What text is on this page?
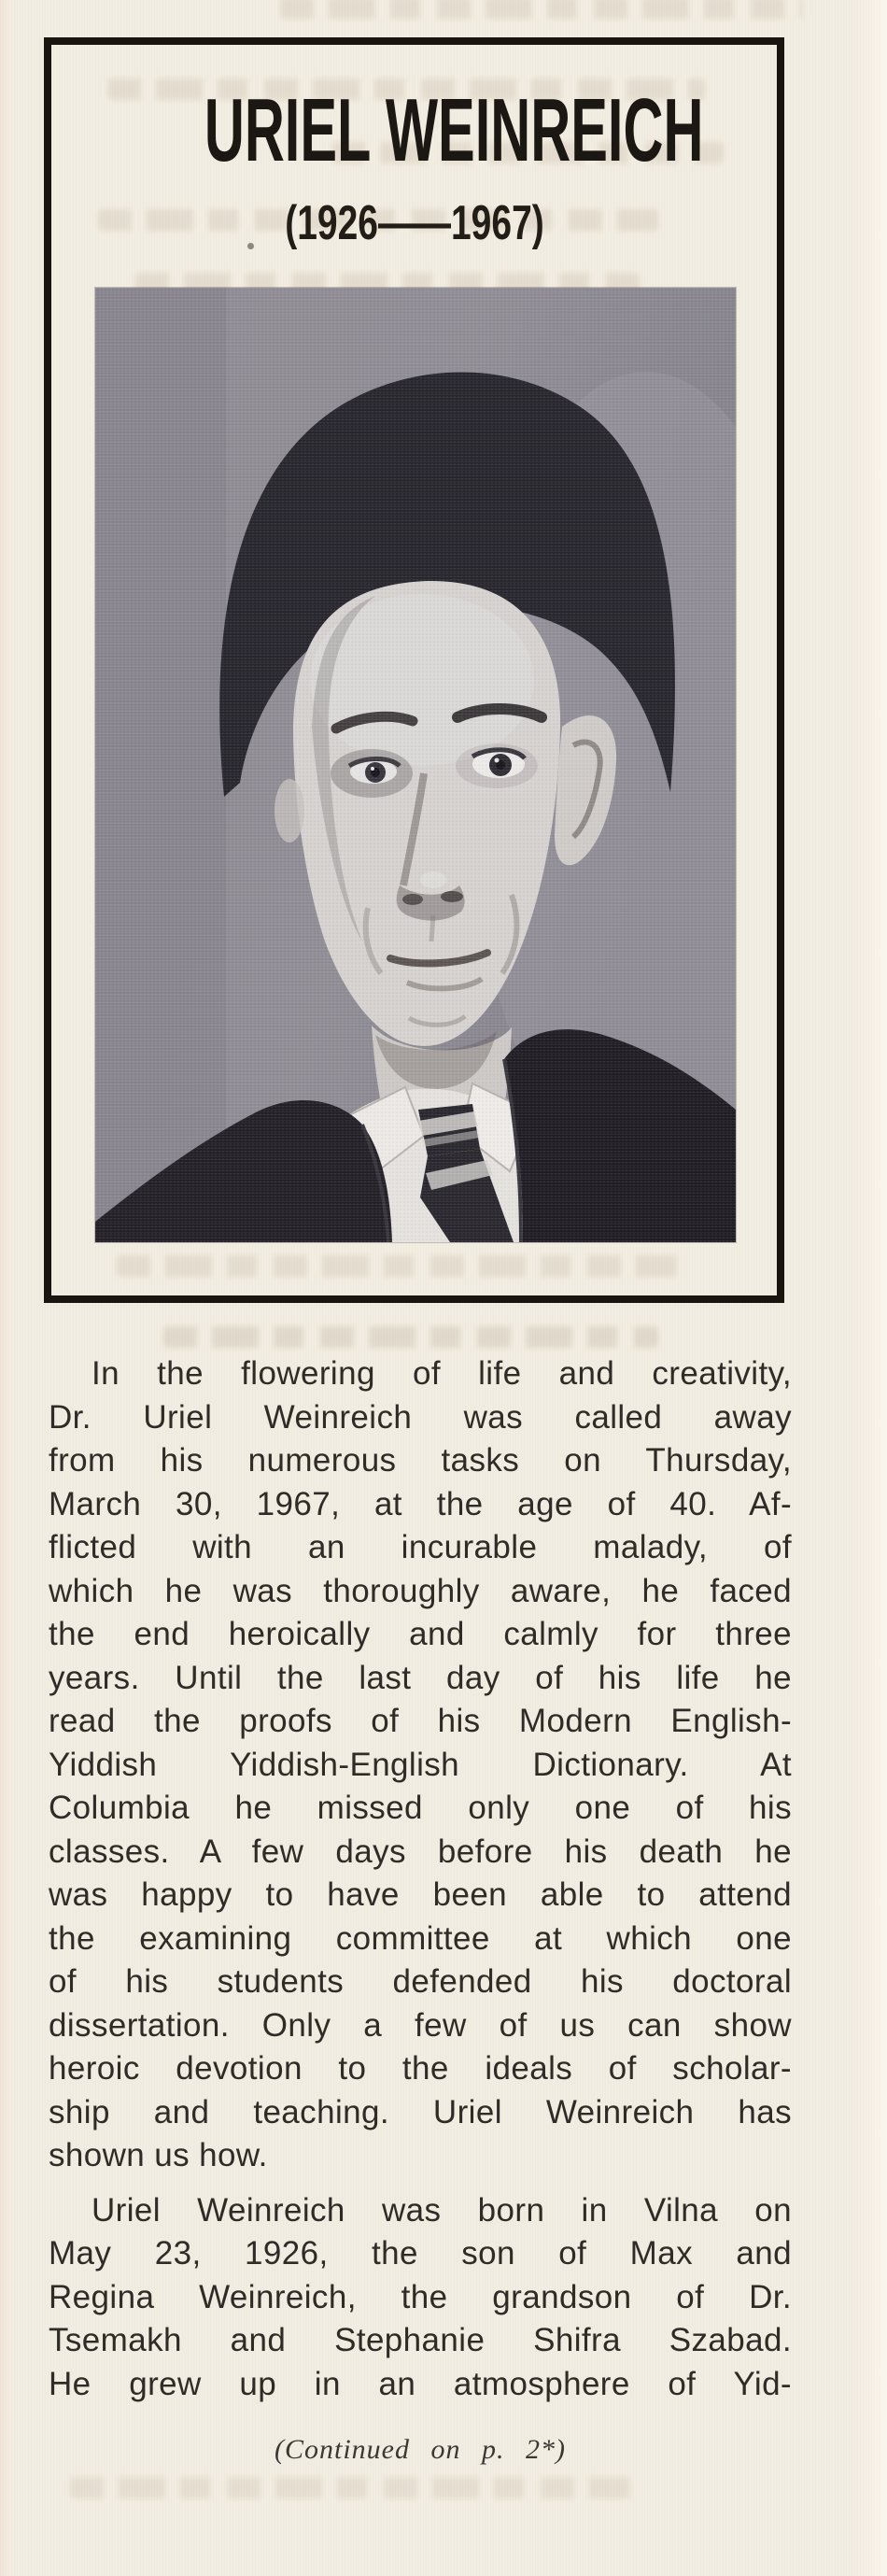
URIEL WEINREICH
(1926——1967)
In the flowering of life and creativity,
Dr. Uriel Weinreich was called away
from his numerous tasks on Thursday,
March 30, 1967, at the age of 40. Af-
flicted with an incurable malady, of
which he was thoroughly aware, he faced
the end heroically and calmly for three
years. Until the last day of his life he
read the proofs of his Modern English-
Yiddish Yiddish-English Dictionary. At
Columbia he missed only one of his
classes. A few days before his death he
was happy to have been able to attend
the examining committee at which one
of his students defended his doctoral
dissertation. Only a few of us can show
heroic devotion to the ideals of scholar-
ship and teaching. Uriel Weinreich has
shown us how.
Uriel Weinreich was born in Vilna on
May 23, 1926, the son of Max and
Regina Weinreich, the grandson of Dr.
Tsemakh and Stephanie Shifra Szabad.
He grew up in an atmosphere of Yid-
(Continued on p. 2*)
